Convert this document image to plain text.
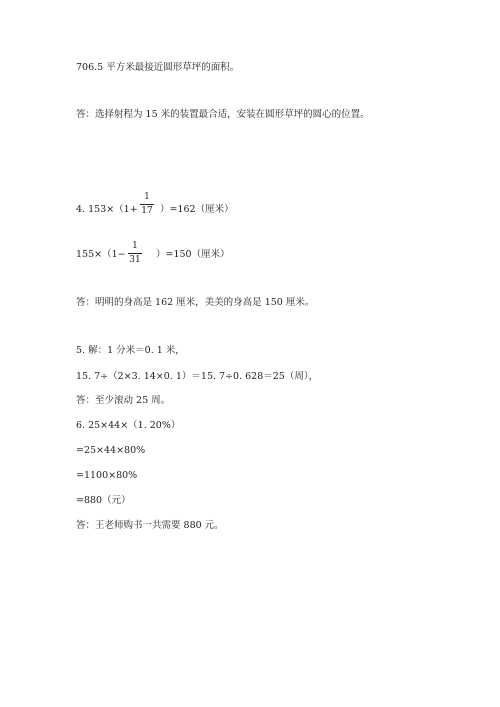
706.5 平方米最接近圆形草坪的面积。
答：选择射程为 15 米的装置最合适，安装在圆形草坪的圆心的位置。
4. 153×（1+
1
17 ）=162（厘米）
155×（1−
1
31 ）=150（厘米）
答：明明的身高是 162 厘米，美美的身高是 150 厘米。
5. 解：1 分米＝0. 1 米，
15. 7÷（2×3. 14×0. 1）＝15. 7÷0. 628＝25（周），
答：至少滚动 25 周。
6. 25×44×（1. 20%）
=25×44×80%
=1100×80%
=880（元）
答：王老师购书一共需要 880 元。
